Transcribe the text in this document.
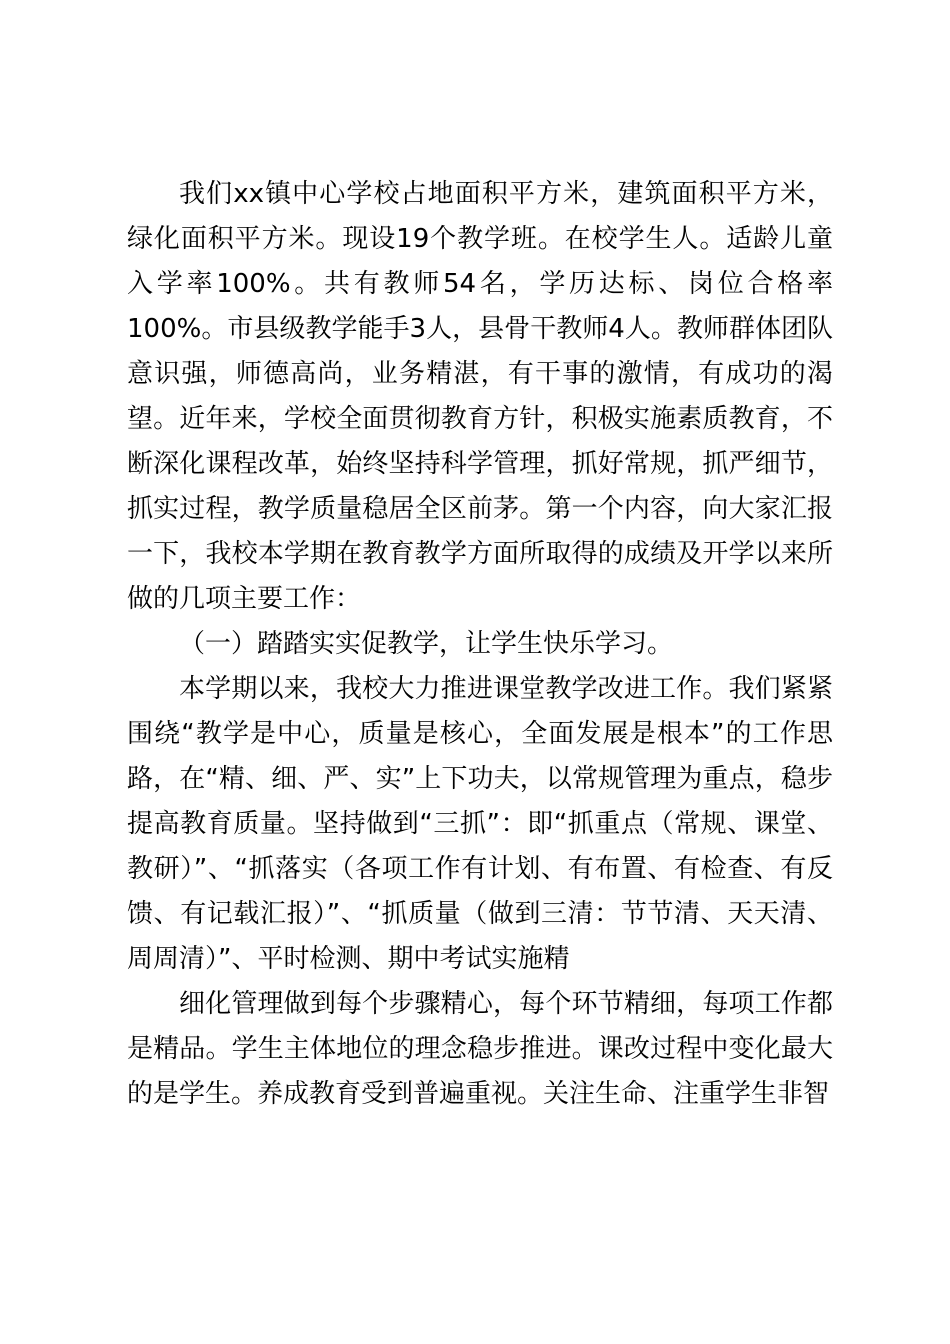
我们xx镇中心学校占地面积平方米，建筑面积平方米，绿化面积平方米。现设19个教学班。在校学生人。适龄儿童入学率100%。共有教师54名，学历达标、岗位合格率100%。市县级教学能手3人，县骨干教师4人。教师群体团队意识强，师德高尚，业务精湛，有干事的激情，有成功的渴望。近年来，学校全面贯彻教育方针，积极实施素质教育，不断深化课程改革，始终坚持科学管理，抓好常规，抓严细节，抓实过程，教学质量稳居全区前茅。第一个内容，向大家汇报一下，我校本学期在教育教学方面所取得的成绩及开学以来所做的几项主要工作：

（一）踏踏实实促教学，让学生快乐学习。

本学期以来，我校大力推进课堂教学改进工作。我们紧紧围绕“教学是中心，质量是核心，全面发展是根本”的工作思路，在“精、细、严、实”上下功夫，以常规管理为重点，稳步提高教育质量。坚持做到“三抓”：即“抓重点（常规、课堂、教研）”、“抓落实（各项工作有计划、有布置、有检查、有反馈、有记载汇报）”、“抓质量（做到三清：节节清、天天清、周周清）”、平时检测、期中考试实施精

细化管理做到每个步骤精心，每个环节精细，每项工作都是精品。学生主体地位的理念稳步推进。课改过程中变化最大的是学生。养成教育受到普遍重视。关注生命、注重学生非智
